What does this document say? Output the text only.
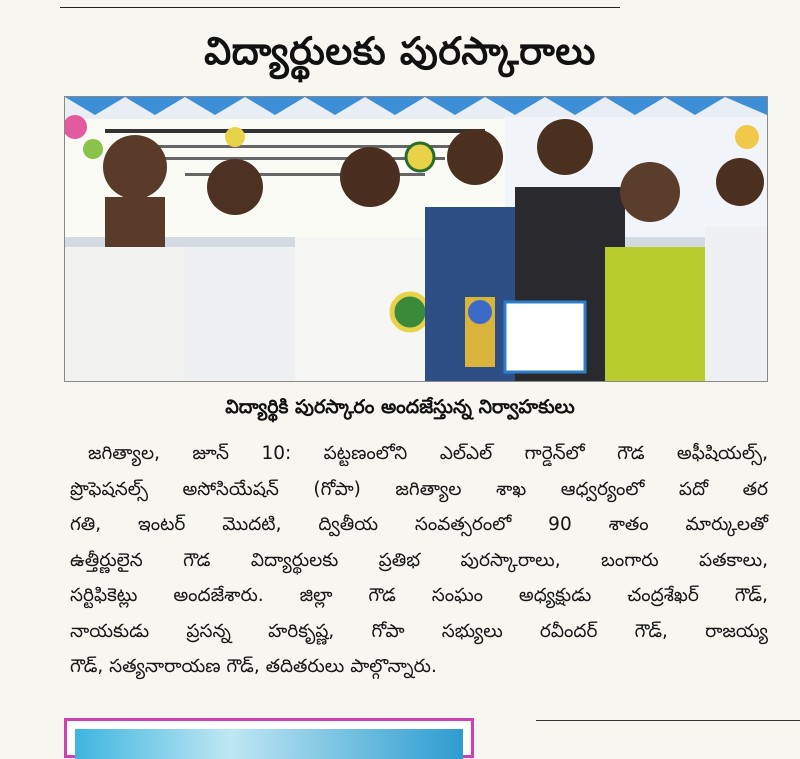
విద్యార్థులకు పురస్కారాలు
విద్యార్థికి పురస్కారం అందజేస్తున్న నిర్వాహకులు
జగిత్యాల, జూన్ 10: పట్టణంలోని ఎల్ఎల్ గార్డెన్‌లో గౌడ అఫీషియల్స్,
ప్రొఫెషనల్స్ అసోసియేషన్ (గోపా) జగిత్యాల శాఖ ఆధ్వర్యంలో పదో తర
గతి, ఇంటర్ మొదటి, ద్వితీయ సంవత్సరంలో 90 శాతం మార్కులతో
ఉత్తీర్ణులైన గౌడ విద్యార్థులకు ప్రతిభ పురస్కారాలు, బంగారు పతకాలు,
సర్టిఫికెట్లు అందజేశారు. జిల్లా గౌడ సంఘం అధ్యక్షుడు చంద్రశేఖర్ గౌడ్,
నాయకుడు ప్రసన్న హరికృష్ణ, గోపా సభ్యులు రవీందర్ గౌడ్, రాజయ్య
గౌడ్, సత్యనారాయణ గౌడ్, తదితరులు పాల్గొన్నారు.
